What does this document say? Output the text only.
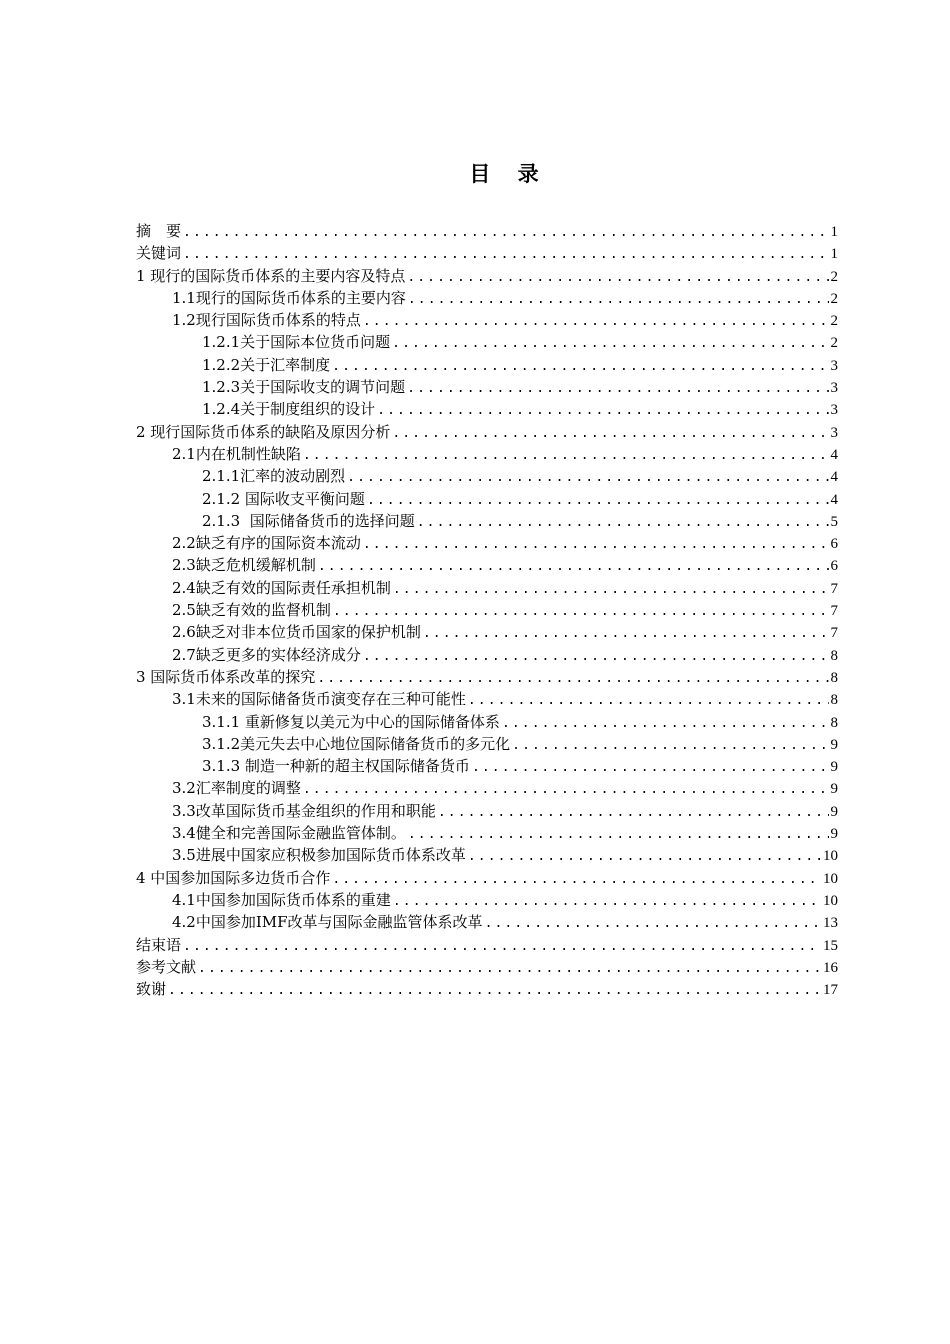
目 录
摘　要 .....	1
关键词 .....	1
1 现行的国际货币体系的主要内容及特点 .....	2
1.1现行的国际货币体系的主要内容 .....	2
1.2现行国际货币体系的特点 .....	2
1.2.1关于国际本位货币问题 .....	2
1.2.2关于汇率制度 .....	3
1.2.3关于国际收支的调节问题 .....	3
1.2.4关于制度组织的设计 .....	3
2 现行国际货币体系的缺陷及原因分析 .....	3
2.1内在机制性缺陷 .....	4
2.1.1汇率的波动剧烈 .....	4
2.1.2 国际收支平衡问题 .....	4
2.1.3  国际储备货币的选择问题 .....	5
2.2缺乏有序的国际资本流动 .....	6
2.3缺乏危机缓解机制 .....	6
2.4缺乏有效的国际责任承担机制 .....	7
2.5缺乏有效的监督机制 .....	7
2.6缺乏对非本位货币国家的保护机制 .....	7
2.7缺乏更多的实体经济成分 .....	8
3 国际货币体系改革的探究 .....	8
3.1未来的国际储备货币演变存在三种可能性 .....	8
3.1.1 重新修复以美元为中心的国际储备体系 .....	8
3.1.2美元失去中心地位国际储备货币的多元化 .....	9
3.1.3 制造一种新的超主权国际储备货币 .....	9
3.2汇率制度的调整 .....	9
3.3改革国际货币基金组织的作用和职能 .....	9
3.4健全和完善国际金融监管体制。 .....	9
3.5进展中国家应积极参加国际货币体系改革 .....	10
4 中国参加国际多边货币合作 .....	10
4.1中国参加国际货币体系的重建 .....	10
4.2中国参加IMF改革与国际金融监管体系改革 .....	13
结束语 .....	15
参考文献 .....	16
致谢 .....	17
